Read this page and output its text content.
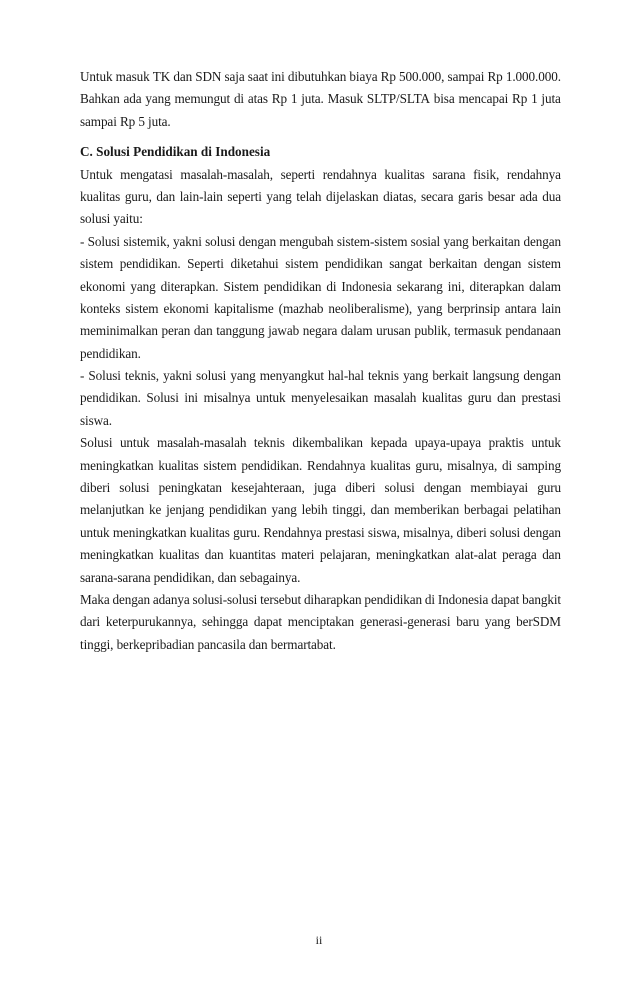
Untuk masuk TK dan SDN saja saat ini dibutuhkan biaya Rp 500.000, sampai Rp 1.000.000.
Bahkan ada yang memungut di atas Rp 1 juta. Masuk SLTP/SLTA bisa mencapai Rp 1 juta
sampai Rp 5 juta.
C. Solusi Pendidikan di Indonesia
Untuk mengatasi masalah-masalah, seperti rendahnya kualitas sarana fisik, rendahnya
kualitas guru, dan lain-lain seperti yang telah dijelaskan diatas, secara garis besar ada dua
solusi yaitu:
- Solusi sistemik, yakni solusi dengan mengubah sistem-sistem sosial yang berkaitan dengan
sistem pendidikan. Seperti diketahui sistem pendidikan sangat berkaitan dengan sistem
ekonomi yang diterapkan. Sistem pendidikan di Indonesia sekarang ini, diterapkan dalam
konteks sistem ekonomi kapitalisme (mazhab neoliberalisme), yang berprinsip antara lain
meminimalkan peran dan tanggung jawab negara dalam urusan publik, termasuk pendanaan
pendidikan.
- Solusi teknis, yakni solusi yang menyangkut hal-hal teknis yang berkait langsung dengan
pendidikan. Solusi ini misalnya untuk menyelesaikan masalah kualitas guru dan prestasi
siswa.
Solusi untuk masalah-masalah teknis dikembalikan kepada upaya-upaya praktis untuk
meningkatkan kualitas sistem pendidikan. Rendahnya kualitas guru, misalnya, di samping
diberi solusi peningkatan kesejahteraan, juga diberi solusi dengan membiayai guru
melanjutkan ke jenjang pendidikan yang lebih tinggi, dan memberikan berbagai pelatihan
untuk meningkatkan kualitas guru. Rendahnya prestasi siswa, misalnya, diberi solusi dengan
meningkatkan kualitas dan kuantitas materi pelajaran, meningkatkan alat-alat peraga dan
sarana-sarana pendidikan, dan sebagainya.
Maka dengan adanya solusi-solusi tersebut diharapkan pendidikan di Indonesia dapat bangkit
dari keterpurukannya, sehingga dapat menciptakan generasi-generasi baru yang berSDM
tinggi, berkepribadian pancasila dan bermartabat.
ii
